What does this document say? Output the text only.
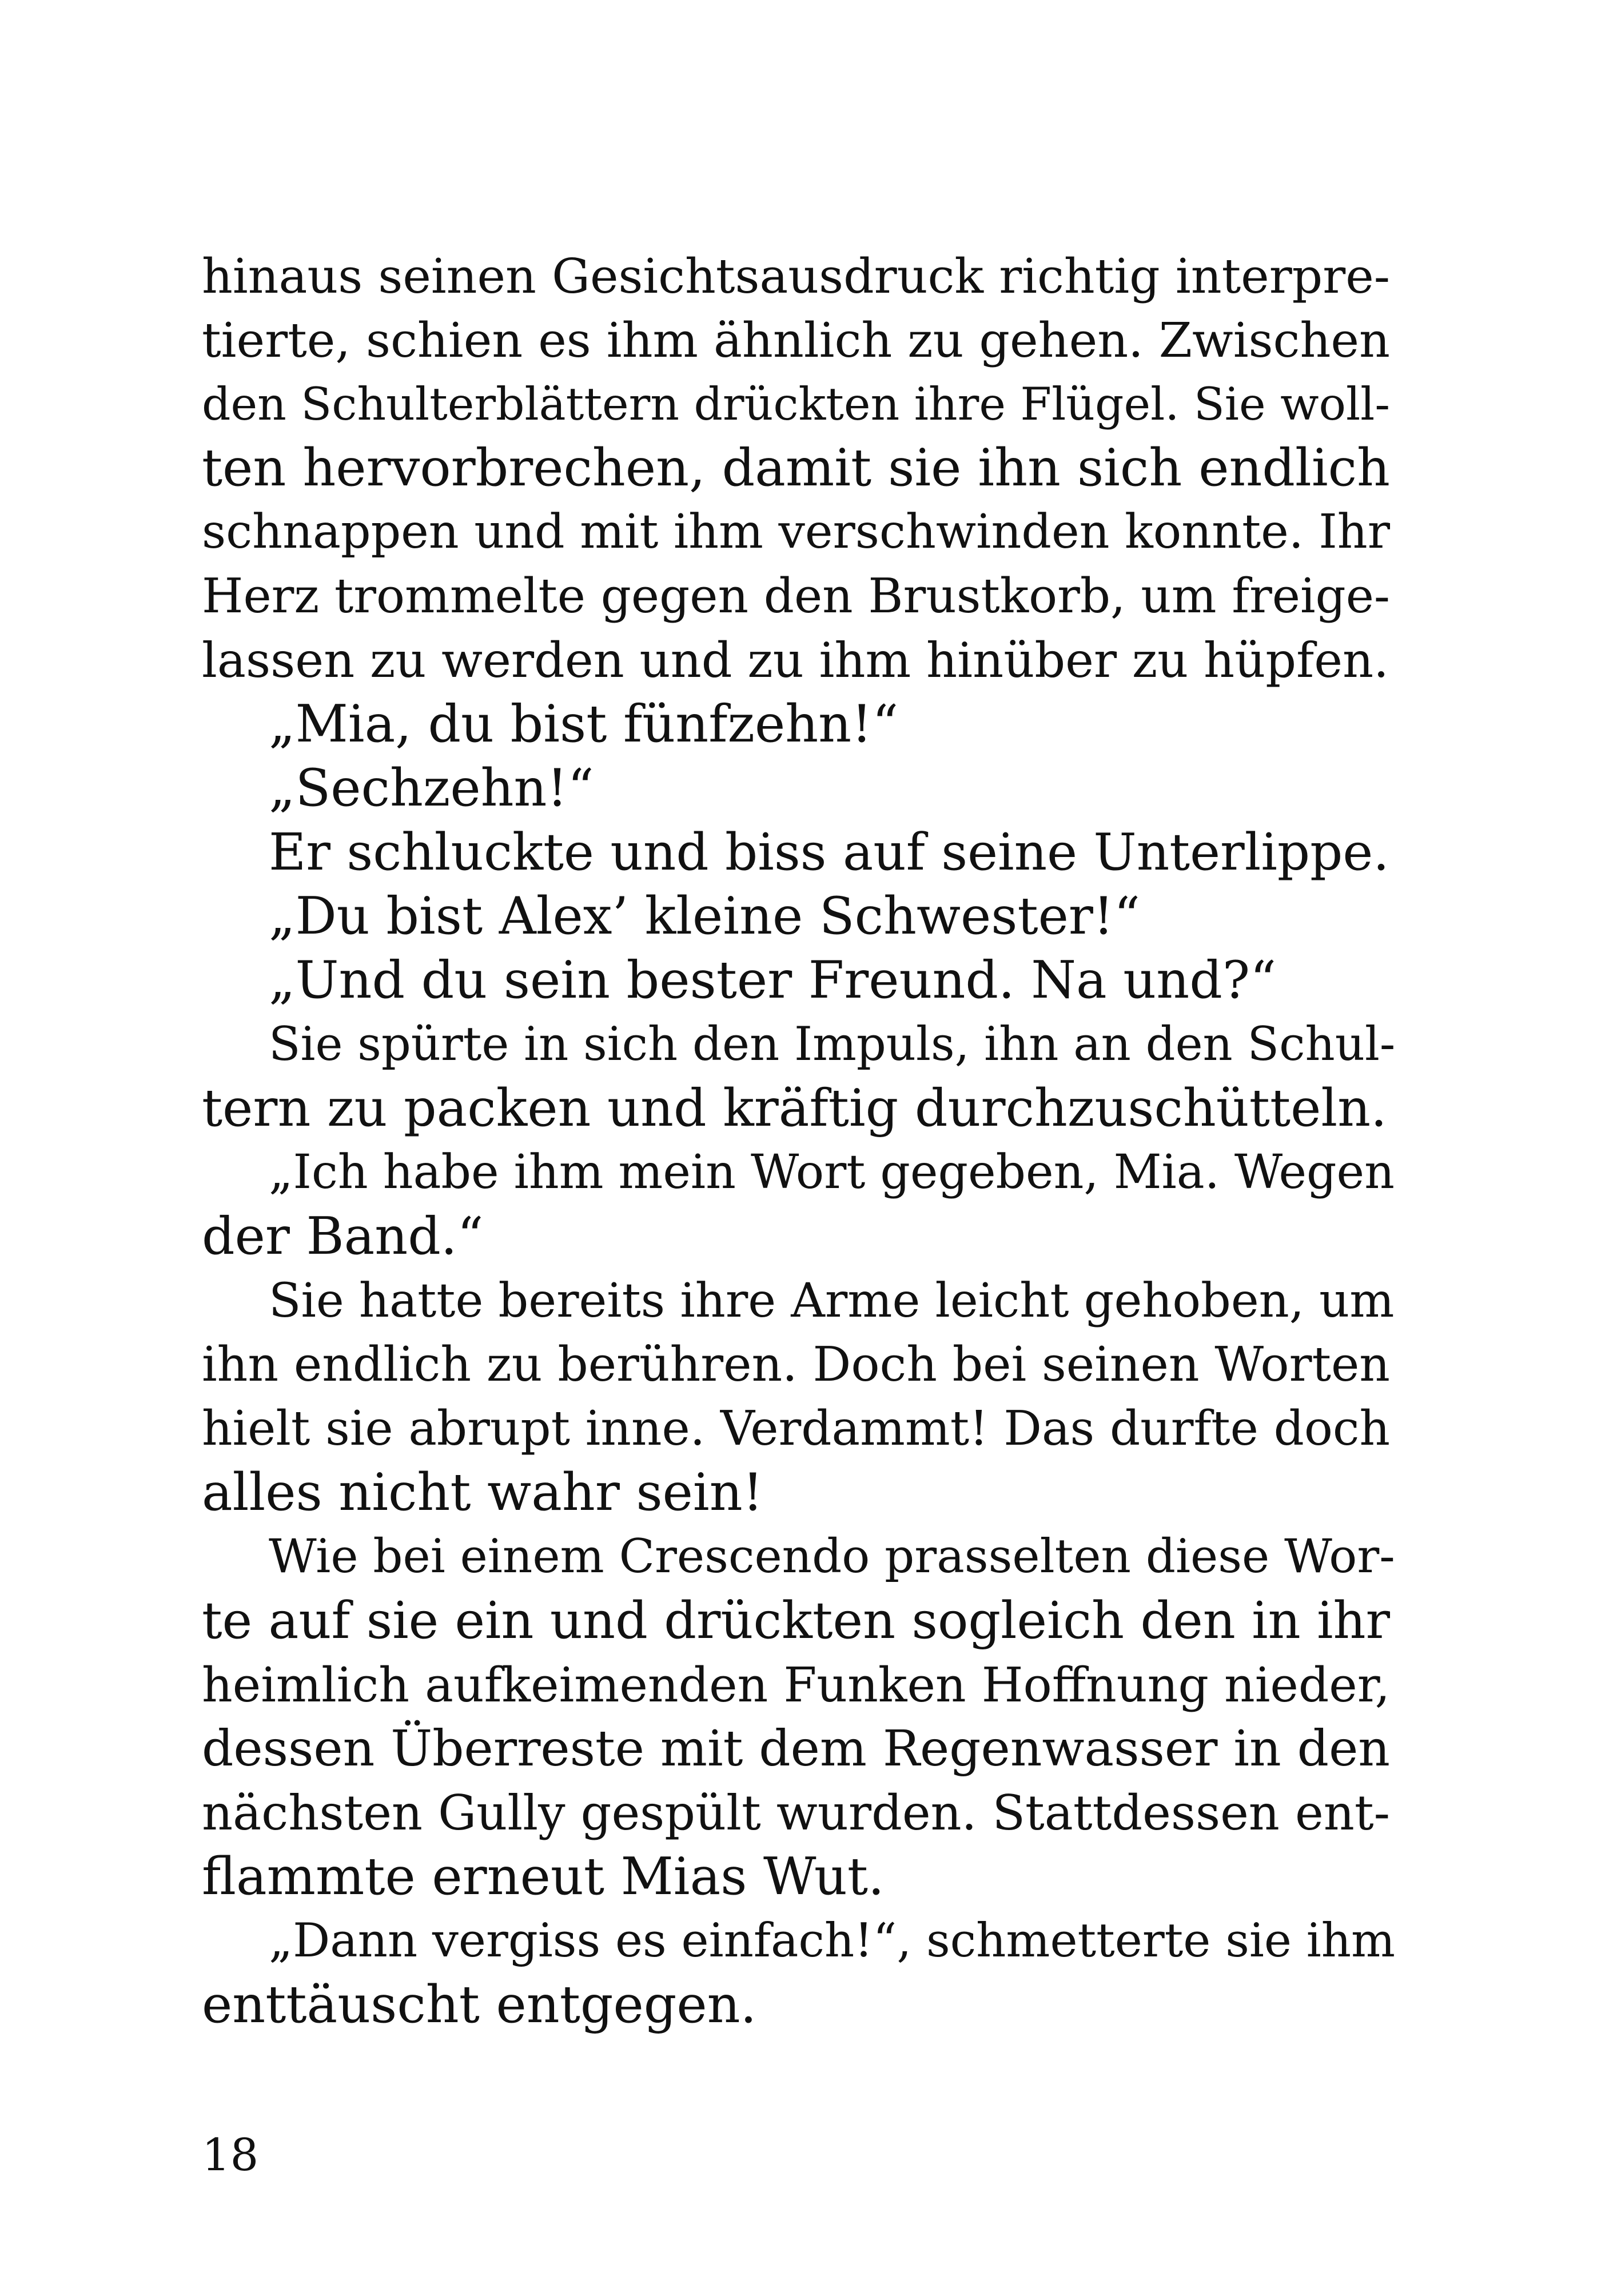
hinaus seinen Gesichtsausdruck richtig interpre-
tierte, schien es ihm ähnlich zu gehen. Zwischen
den Schulterblättern drückten ihre Flügel. Sie woll-
ten hervorbrechen, damit sie ihn sich endlich
schnappen und mit ihm verschwinden konnte. Ihr
Herz trommelte gegen den Brustkorb, um freige-
lassen zu werden und zu ihm hinüber zu hüpfen.
„Mia, du bist fünfzehn!“
„Sechzehn!“
Er schluckte und biss auf seine Unterlippe.
„Du bist Alex’ kleine Schwester!“
„Und du sein bester Freund. Na und?“
Sie spürte in sich den Impuls, ihn an den Schul-
tern zu packen und kräftig durchzuschütteln.
„Ich habe ihm mein Wort gegeben, Mia. Wegen
der Band.“
Sie hatte bereits ihre Arme leicht gehoben, um
ihn endlich zu berühren. Doch bei seinen Worten
hielt sie abrupt inne. Verdammt! Das durfte doch
alles nicht wahr sein!
Wie bei einem Crescendo prasselten diese Wor-
te auf sie ein und drückten sogleich den in ihr
heimlich aufkeimenden Funken Hoffnung nieder,
dessen Überreste mit dem Regenwasser in den
nächsten Gully gespült wurden. Stattdessen ent-
flammte erneut Mias Wut.
„Dann vergiss es einfach!“, schmetterte sie ihm
enttäuscht entgegen.
18
